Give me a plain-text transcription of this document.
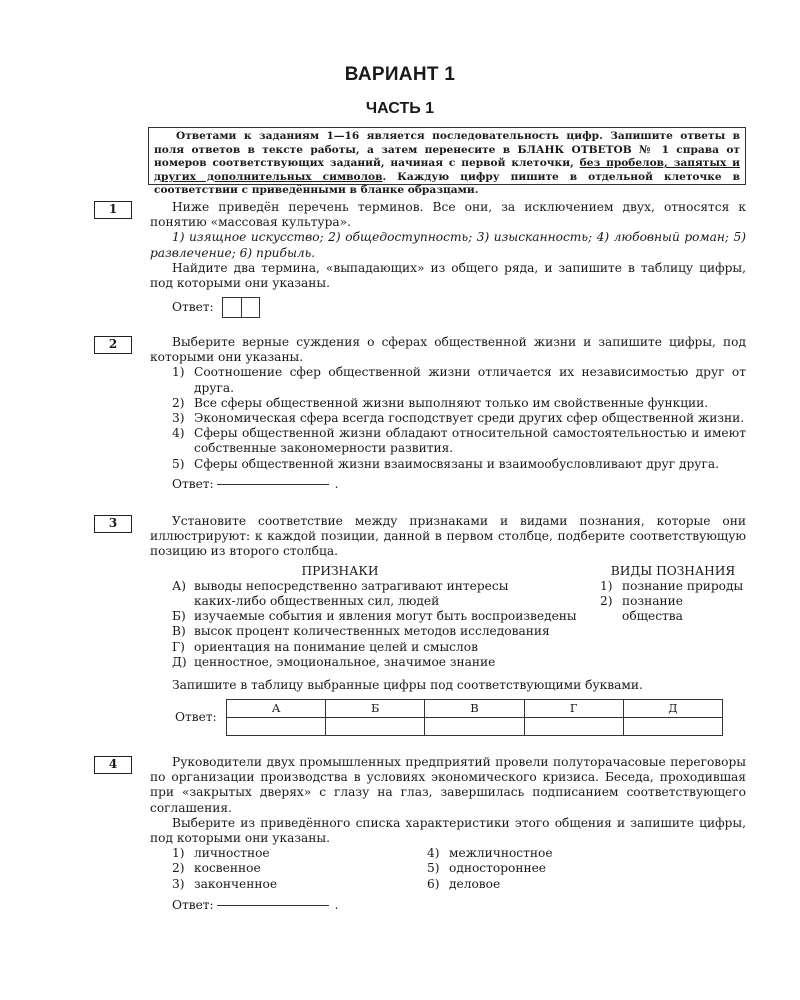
ВАРИАНТ 1
ЧАСТЬ 1
Ответами к заданиям 1—16 является последовательность цифр. Запишите ответы в поля ответов в тексте работы, а затем перенесите в БЛАНК ОТВЕТОВ № 1 справа от номеров соответствующих заданий, начиная с первой клеточки, без пробелов, запятых и других дополнительных символов. Каждую цифру пишите в отдельной клеточке в соответствии с приведёнными в бланке образцами.
1	Ниже приведён перечень терминов. Все они, за исключением двух, относятся к понятию «массовая культура».

1) изящное искусство; 2) общедоступность; 3) изысканность; 4) любовный роман; 5) развлечение; 6) прибыль.

Найдите два термина, «выпадающих» из общего ряда, и запишите в таблицу цифры, под которыми они указаны.

Ответ:
2	Выберите верные суждения о сферах общественной жизни и запишите цифры, под которыми они указаны.

1) Соотношение сфер общественной жизни отличается их независимостью друг от друга.
2) Все сферы общественной жизни выполняют только им свойственные функции.
3) Экономическая сфера всегда господствует среди других сфер общественной жизни.
4) Сферы общественной жизни обладают относительной самостоятельностью и имеют собственные закономерности развития.
5) Сферы общественной жизни взаимосвязаны и взаимообусловливают друг друга.
Ответ:	.
3	Установите соответствие между признаками и видами познания, которые они иллюстрируют: к каждой позиции, данной в первом столбце, подберите соответствующую позицию из второго столбца.

ПРИЗНАКИ	ВИДЫ ПОЗНАНИЯ
А) выводы непосредственно затрагивают интересы каких-либо общественных сил, людей
Б) изучаемые события и явления могут быть воспроизведены
В) высок процент количественных методов исследования
Г) ориентация на понимание целей и смыслов
Д) ценностное, эмоциональное, значимое знание
1) познание природы
2) познание общества

Запишите в таблицу выбранные цифры под соответствующими буквами.

Ответ:
А	Б	В	Г	Д

4	Руководители двух промышленных предприятий провели полуторачасовые переговоры по организации производства в условиях экономического кризиса. Беседа, проходившая при «закрытых дверях» с глазу на глаз, завершилась подписанием соответствующего соглашения.

Выберите из приведённого списка характеристики этого общения и запишите цифры, под которыми они указаны.

1) личностное
2) косвенное
3) законченное
4) межличностное
5) одностороннее
6) деловое
Ответ:	.
